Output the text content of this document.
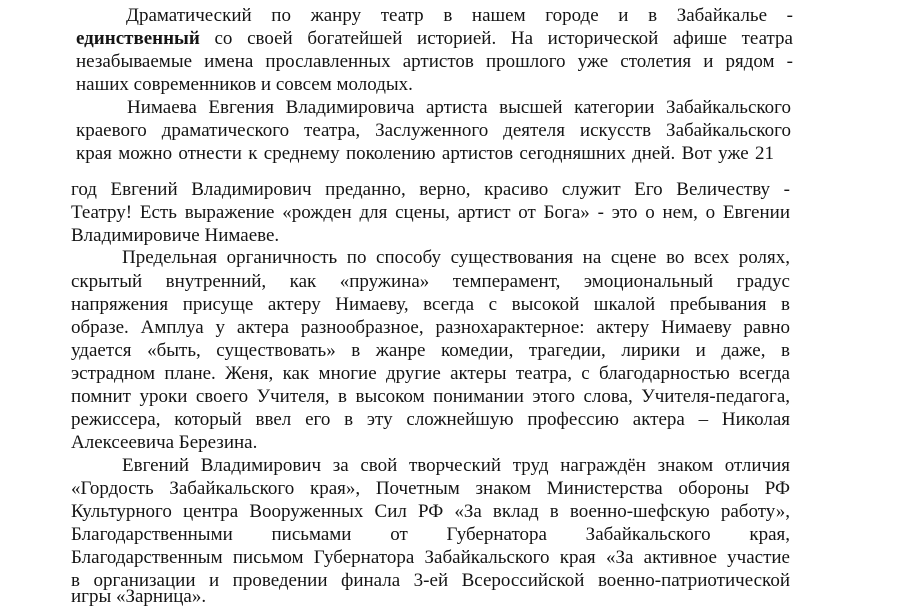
Драматический по жанру театр в нашем городе и в Забайкалье -
единственный со своей богатейшей историей. На исторической афише театра
незабываемые имена прославленных артистов прошлого уже столетия и рядом -
наших современников и совсем молодых.
Нимаева Евгения Владимировича артиста высшей категории Забайкальского
краевого драматического театра, Заслуженного деятеля искусств Забайкальского
края можно отнести к среднему поколению артистов сегодняшних дней. Вот уже 21
год Евгений Владимирович преданно, верно, красиво служит Его Величеству -
Театру! Есть выражение «рожден для сцены, артист от Бога» - это о нем, о Евгении
Владимировиче Нимаеве.
Предельная органичность по способу существования на сцене во всех ролях,
скрытый внутренний, как «пружина» темперамент, эмоциональный градус
напряжения присуще актеру Нимаеву, всегда с высокой шкалой пребывания в
образе. Амплуа у актера разнообразное, разнохарактерное: актеру Нимаеву равно
удается «быть, существовать» в жанре комедии, трагедии, лирики и даже, в
эстрадном плане. Женя, как многие другие актеры театра, с благодарностью всегда
помнит уроки своего Учителя, в высоком понимании этого слова, Учителя-педагога,
режиссера, который ввел его в эту сложнейшую профессию актера – Николая
Алексеевича Березина.
Евгений Владимирович за свой творческий труд награждён знаком отличия
«Гордость Забайкальского края», Почетным знаком Министерства обороны РФ
Культурного центра Вооруженных Сил РФ «За вклад в военно-шефскую работу»,
Благодарственными письмами от Губернатора Забайкальского края,
Благодарственным письмом Губернатора Забайкальского края «За активное участие
в организации и проведении финала 3-ей Всероссийской военно-патриотической
игры «Зарница».
